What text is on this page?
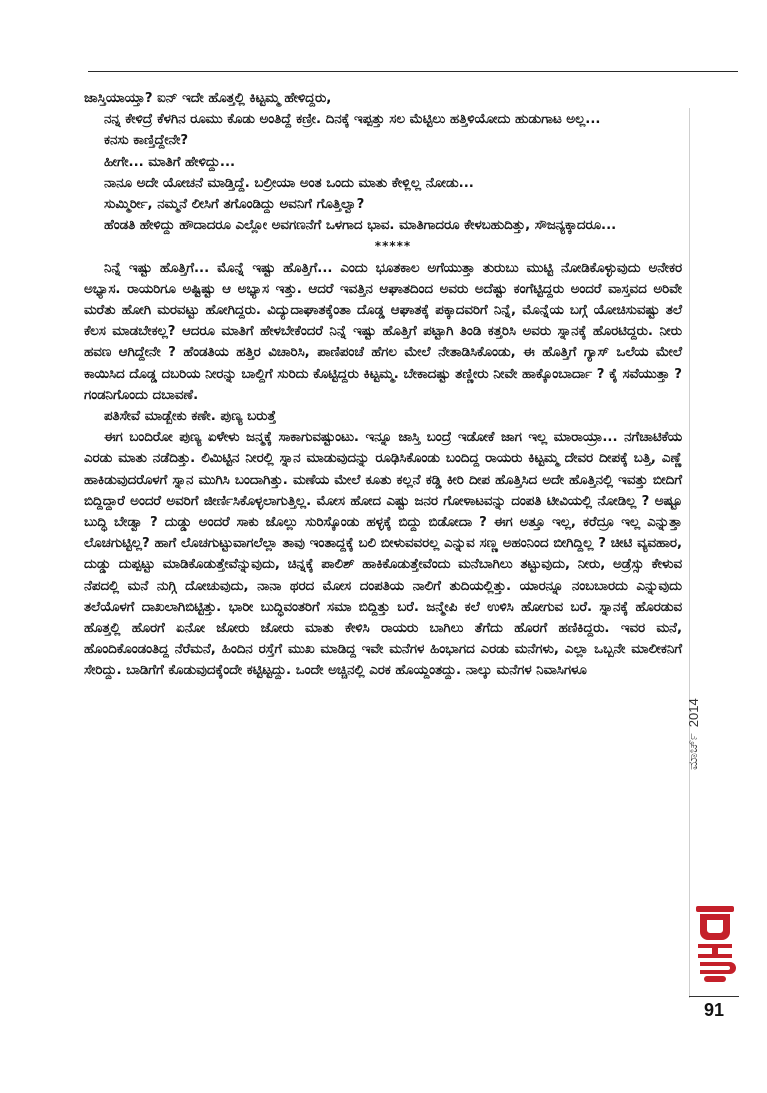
ಜಾಸ್ತಿಯಾಯ್ತಾ? ಐನ್ ಇದೇ ಹೊತ್ತಲ್ಲಿ ಕಿಟ್ಟಮ್ಮ ಹೇಳಿದ್ದರು,

ನನ್ನ ಕೇಳಿದ್ರೆ ಕೆಳಗಿನ ರೂಮು ಕೊಡು ಅಂತಿದ್ದೆ ಕಣ್ರೀ. ದಿನಕ್ಕೆ ಇಪ್ಪತ್ತು ಸಲ ಮೆಟ್ಟಿಲು ಹತ್ತಿಳಿಯೋದು ಹುಡುಗಾಟ ಅಲ್ಲ...

ಕನಸು ಕಾಣ್ತಿದ್ದೇನೇ?

ಹೀಗೇ... ಮಾತಿಗೆ ಹೇಳಿದ್ದು...

ನಾನೂ ಅದೇ ಯೋಚನೆ ಮಾಡ್ತಿದ್ದೆ. ಬಲ್ರೀಯಾ ಅಂತ ಒಂದು ಮಾತು ಕೇಳ್ಲಿಲ್ಲ ನೋಡು...

ಸುಮ್ಮಿರ್ರೀ, ನಮ್ಮನೆ ಲೀಸಿಗೆ ತಗೊಂಡಿದ್ದು ಅವನಿಗೆ ಗೊತ್ತಿಲ್ವಾ?

ಹೆಂಡತಿ ಹೇಳಿದ್ದು ಹೌದಾದರೂ ಎಲ್ಲೋ ಅವಗಣನೆಗೆ ಒಳಗಾದ ಭಾವ. ಮಾತಿಗಾದರೂ ಕೇಳಬಹುದಿತ್ತು, ಸೌಜನ್ಯಕ್ಕಾದರೂ...

*****

ನಿನ್ನೆ ಇಷ್ಟು ಹೊತ್ತಿಗೆ... ಮೊನ್ನೆ ಇಷ್ಟು ಹೊತ್ತಿಗೆ... ಎಂದು ಭೂತಕಾಲ ಅಗೆಯುತ್ತಾ ತುರುಬು ಮುಟ್ಟಿ ನೋಡಿಕೊಳ್ಳುವುದು ಅನೇಕರ ಅಭ್ಯಾಸ. ರಾಯರಿಗೂ ಅಷ್ಟಿಷ್ಟು ಆ ಅಭ್ಯಾಸ ಇತ್ತು. ಆದರೆ ಇವತ್ತಿನ ಆಘಾತದಿಂದ ಅವರು ಅದೆಷ್ಟು ಕಂಗೆಟ್ಟಿದ್ದರು ಅಂದರೆ ವಾಸ್ತವದ ಅರಿವೇ ಮರೆತು ಹೋಗಿ ಮರವಟ್ಟು ಹೋಗಿದ್ದರು. ವಿದ್ಯುದಾಘಾತಕ್ಕೆಂತಾ ದೊಡ್ಡ ಆಘಾತಕ್ಕೆ ಪಕ್ಕಾದವರಿಗೆ ನಿನ್ನೆ, ಮೊನ್ನೆಯ ಬಗ್ಗೆ ಯೋಚಿಸುವಷ್ಟು ತಲೆ ಕೆಲಸ ಮಾಡಬೇಕಲ್ಲ? ಆದರೂ ಮಾತಿಗೆ ಹೇಳಬೇಕೆಂದರೆ ನಿನ್ನೆ ಇಷ್ಟು ಹೊತ್ತಿಗೆ ಪಟ್ಟಾಗಿ ತಿಂಡಿ ಕತ್ತರಿಸಿ ಅವರು ಸ್ನಾನಕ್ಕೆ ಹೊರಟಿದ್ದರು. ನೀರು ಹವಣ ಆಗಿದ್ದೇನೇ ? ಹೆಂಡತಿಯ ಹತ್ತಿರ ವಿಚಾರಿಸಿ, ಪಾಣಿಪಂಚೆ ಹೆಗಲ ಮೇಲೆ ನೇತಾಡಿಸಿಕೊಂಡು, ಈ ಹೊತ್ತಿಗೆ ಗ್ಯಾಸ್ ಒಲೆಯ ಮೇಲೆ ಕಾಯಿಸಿದ ದೊಡ್ಡ ದಬರಿಯ ನೀರನ್ನು ಬಾಲ್ದಿಗೆ ಸುರಿದು ಕೊಟ್ಟಿದ್ದರು ಕಿಟ್ಟಮ್ಮ. ಬೇಕಾದಷ್ಟು ತಣ್ಣೀರು ನೀವೇ ಹಾಕ್ಕೊಂಬಾರ್ದಾ ? ಕೈ ಸವೆಯುತ್ತಾ ? ಗಂಡನಿಗೊಂದು ದಬಾವಣೆ.

ಪತಿಸೇವೆ ಮಾಡ್ಬೇಕು ಕಣೇ. ಪುಣ್ಯ ಬರುತ್ತೆ

ಈಗ ಬಂದಿರೋ ಪುಣ್ಯ ಏಳೇಳು ಜನ್ಮಕ್ಕೆ ಸಾಕಾಗುವಷ್ಟುಂಟು. ಇನ್ನೂ ಜಾಸ್ತಿ ಬಂದ್ರೆ ಇಡೋಕೆ ಜಾಗ ಇಲ್ಲ ಮಾರಾಯ್ರಾ... ನಗೆಚಾಟಿಕೆಯ ಎರಡು ಮಾತು ನಡೆದಿತ್ತು. ಲಿಮಿಟ್ಟಿನ ನೀರಲ್ಲಿ ಸ್ನಾನ ಮಾಡುವುದನ್ನು ರೂಢಿಸಿಕೊಂಡು ಬಂದಿದ್ದ ರಾಯರು ಕಿಟ್ಟಮ್ಮ ದೇವರ ದೀಪಕ್ಕೆ ಬತ್ತಿ, ಎಣ್ಣೆ ಹಾಕಿಡುವುದರೊಳಗೆ ಸ್ನಾನ ಮುಗಿಸಿ ಬಂದಾಗಿತ್ತು. ಮಣೆಯ ಮೇಲೆ ಕೂತು ಕಲ್ಲನೆ ಕಡ್ಡಿ ಕೀರಿ ದೀಪ ಹೊತ್ತಿಸಿದ ಅದೇ ಹೊತ್ತಿನಲ್ಲಿ ಇವತ್ತು ಬೀದಿಗೆ ಬಿದ್ದಿದ್ದಾರೆ ಅಂದರೆ ಅವರಿಗೆ ಜೀರ್ಣಿಸಿಕೊಳ್ಳಲಾಗುತ್ತಿಲ್ಲ. ಮೋಸ ಹೋದ ಎಷ್ಟು ಜನರ ಗೋಳಾಟವನ್ನು ದಂಪತಿ ಟೀವಿಯಲ್ಲಿ ನೋಡಿಲ್ಲ ? ಅಷ್ಟೂ ಬುದ್ಧಿ ಬೇಡ್ವಾ ? ದುಡ್ಡು ಅಂದರೆ ಸಾಕು ಜೊಲ್ಲು ಸುರಿಸ್ಕೊಂಡು ಹಳ್ಳಕ್ಕೆ ಬಿದ್ದು ಬಿಡೋದಾ ? ಈಗ ಅತ್ತೂ ಇಲ್ಲ, ಕರೆದ್ರೂ ಇಲ್ಲ ಎನ್ನುತ್ತಾ ಲೊಚಗುಟ್ಟಿಲ್ಲ? ಹಾಗೆ ಲೊಚಗುಟ್ಟುವಾಗಲೆಲ್ಲಾ ತಾವು ಇಂತಾದ್ದಕ್ಕೆ ಬಲಿ ಬೀಳುವವರಲ್ಲ ಎನ್ನುವ ಸಣ್ಣ ಅಹಂನಿಂದ ಬೀಗಿದ್ದಿಲ್ಲ ? ಚೀಟಿ ವ್ಯವಹಾರ, ದುಡ್ಡು ದುಪ್ಪಟ್ಟು ಮಾಡಿಕೊಡುತ್ತೇವೆನ್ನುವುದು, ಚಿನ್ನಕ್ಕೆ ಪಾಲಿಶ್ ಹಾಕಿಕೊಡುತ್ತೇವೆಂದು ಮನೆಬಾಗಿಲು ತಟ್ಟುವುದು, ನೀರು, ಅಡ್ರೆಸ್ಸು ಕೇಳುವ ನೆಪದಲ್ಲಿ ಮನೆ ನುಗ್ಗಿ ದೋಚುವುದು, ನಾನಾ ಥರದ ಮೋಸ ದಂಪತಿಯ ನಾಲಿಗೆ ತುದಿಯಲ್ಲಿತ್ತು. ಯಾರನ್ನೂ ನಂಬಬಾರದು ಎನ್ನುವುದು ತಲೆಯೊಳಗೆ ದಾಖಲಾಗಿಬಿಟ್ಟಿತ್ತು. ಭಾರೀ ಬುದ್ಧಿವಂತರಿಗೆ ಸಮಾ ಬಿದ್ದಿತ್ತು ಬರೆ. ಜನ್ಮೇಪಿ ಕಲೆ ಉಳಿಸಿ ಹೋಗುವ ಬರೆ. ಸ್ನಾನಕ್ಕೆ ಹೊರಡುವ ಹೊತ್ತಲ್ಲಿ ಹೊರಗೆ ಏನೋ ಜೋರು ಜೋರು ಮಾತು ಕೇಳಿಸಿ ರಾಯರು ಬಾಗಿಲು ತೆಗೆದು ಹೊರಗೆ ಹಣಿಕಿದ್ದರು. ಇವರ ಮನೆ, ಹೊಂದಿಕೊಂಡಂತಿದ್ದ ನೆರೆಮನೆ, ಹಿಂದಿನ ರಸ್ತೆಗೆ ಮುಖ ಮಾಡಿದ್ದ ಇವೇ ಮನೆಗಳ ಹಿಂಭಾಗದ ಎರಡು ಮನೆಗಳು, ಎಲ್ಲಾ ಒಬ್ಬನೇ ಮಾಲೀಕನಿಗೆ ಸೇರಿದ್ದು. ಬಾಡಿಗೆಗೆ ಕೊಡುವುದಕ್ಕೆಂದೇ ಕಟ್ಟಿಟ್ಟದ್ದು. ಒಂದೇ ಅಚ್ಚಿನಲ್ಲಿ ಎರಕ ಹೊಯ್ದಂತದ್ದು. ನಾಲ್ಕು ಮನೆಗಳ ನಿವಾಸಿಗಳೂ

ಮಾರ್ಚ್
2014
91
